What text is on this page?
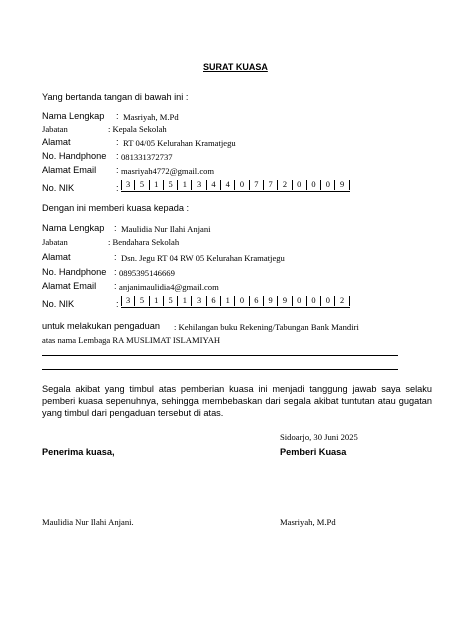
SURAT KUASA
Yang bertanda tangan di bawah ini :
Nama Lengkap : Masriyah, M.Pd
Jabatan	: Kepala Sekolah
Alamat	: RT 04/05 Kelurahan Kramatjegu
No. Handphone : 081331372737
Alamat Email : masriyah4772@gmail.com
No. NIK	: 3	5	1	5	1	3	4	4	0	7	7	2	0	0	0	9
Dengan ini memberi kuasa kepada :
Nama Lengkap : Maulidia Nur Ilahi Anjani
Jabatan	: Bendahara Sekolah
Alamat	: Dsn. Jegu RT 04 RW 05 Kelurahan Kramatjegu
No. Handphone : 0895395146669
Alamat Email : anjanimaulidia4@gmail.com
No. NIK	: 3	5	1	5	1	3	6	1	0	6	9	9	0	0	0	2
untuk melakukan pengaduan : Kehilangan buku Rekening/Tabungan Bank Mandiri
atas nama Lembaga RA MUSLIMAT ISLAMIYAH
Segala akibat yang timbul atas pemberian kuasa ini menjadi tanggung jawab saya selaku pemberi kuasa sepenuhnya, sehingga membebaskan dari segala akibat tuntutan atau gugatan yang timbul dari pengaduan tersebut di atas.
Sidoarjo, 30 Juni 2025
Penerima kuasa,	Pemberi Kuasa
Maulidia Nur Ilahi Anjani.	Masriyah, M.Pd
